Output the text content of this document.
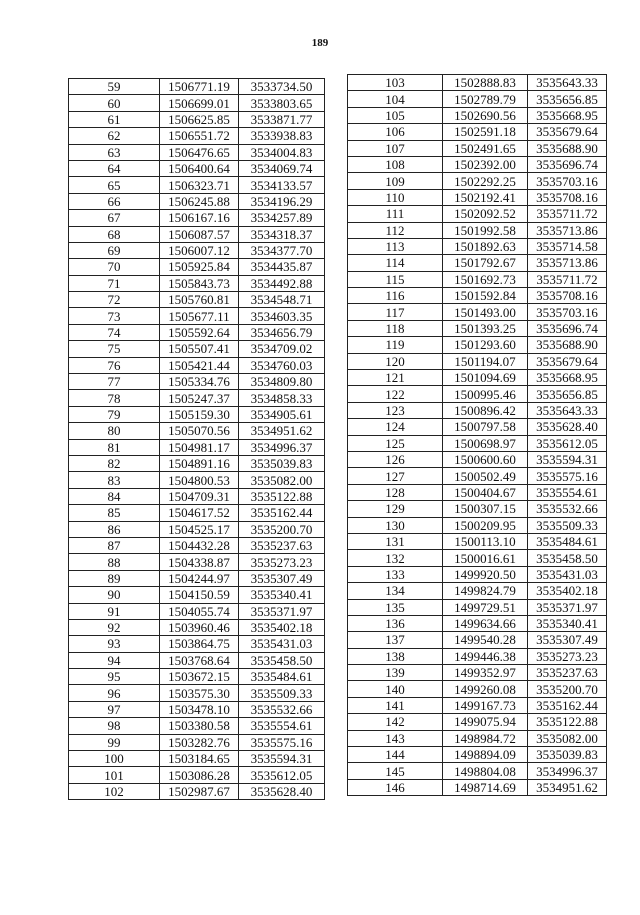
189
59	1506771.19	3533734.50
60	1506699.01	3533803.65
61	1506625.85	3533871.77
62	1506551.72	3533938.83
63	1506476.65	3534004.83
64	1506400.64	3534069.74
65	1506323.71	3534133.57
66	1506245.88	3534196.29
67	1506167.16	3534257.89
68	1506087.57	3534318.37
69	1506007.12	3534377.70
70	1505925.84	3534435.87
71	1505843.73	3534492.88
72	1505760.81	3534548.71
73	1505677.11	3534603.35
74	1505592.64	3534656.79
75	1505507.41	3534709.02
76	1505421.44	3534760.03
77	1505334.76	3534809.80
78	1505247.37	3534858.33
79	1505159.30	3534905.61
80	1505070.56	3534951.62
81	1504981.17	3534996.37
82	1504891.16	3535039.83
83	1504800.53	3535082.00
84	1504709.31	3535122.88
85	1504617.52	3535162.44
86	1504525.17	3535200.70
87	1504432.28	3535237.63
88	1504338.87	3535273.23
89	1504244.97	3535307.49
90	1504150.59	3535340.41
91	1504055.74	3535371.97
92	1503960.46	3535402.18
93	1503864.75	3535431.03
94	1503768.64	3535458.50
95	1503672.15	3535484.61
96	1503575.30	3535509.33
97	1503478.10	3535532.66
98	1503380.58	3535554.61
99	1503282.76	3535575.16
100	1503184.65	3535594.31
101	1503086.28	3535612.05
102	1502987.67	3535628.40
103	1502888.83	3535643.33
104	1502789.79	3535656.85
105	1502690.56	3535668.95
106	1502591.18	3535679.64
107	1502491.65	3535688.90
108	1502392.00	3535696.74
109	1502292.25	3535703.16
110	1502192.41	3535708.16
111	1502092.52	3535711.72
112	1501992.58	3535713.86
113	1501892.63	3535714.58
114	1501792.67	3535713.86
115	1501692.73	3535711.72
116	1501592.84	3535708.16
117	1501493.00	3535703.16
118	1501393.25	3535696.74
119	1501293.60	3535688.90
120	1501194.07	3535679.64
121	1501094.69	3535668.95
122	1500995.46	3535656.85
123	1500896.42	3535643.33
124	1500797.58	3535628.40
125	1500698.97	3535612.05
126	1500600.60	3535594.31
127	1500502.49	3535575.16
128	1500404.67	3535554.61
129	1500307.15	3535532.66
130	1500209.95	3535509.33
131	1500113.10	3535484.61
132	1500016.61	3535458.50
133	1499920.50	3535431.03
134	1499824.79	3535402.18
135	1499729.51	3535371.97
136	1499634.66	3535340.41
137	1499540.28	3535307.49
138	1499446.38	3535273.23
139	1499352.97	3535237.63
140	1499260.08	3535200.70
141	1499167.73	3535162.44
142	1499075.94	3535122.88
143	1498984.72	3535082.00
144	1498894.09	3535039.83
145	1498804.08	3534996.37
146	1498714.69	3534951.62
